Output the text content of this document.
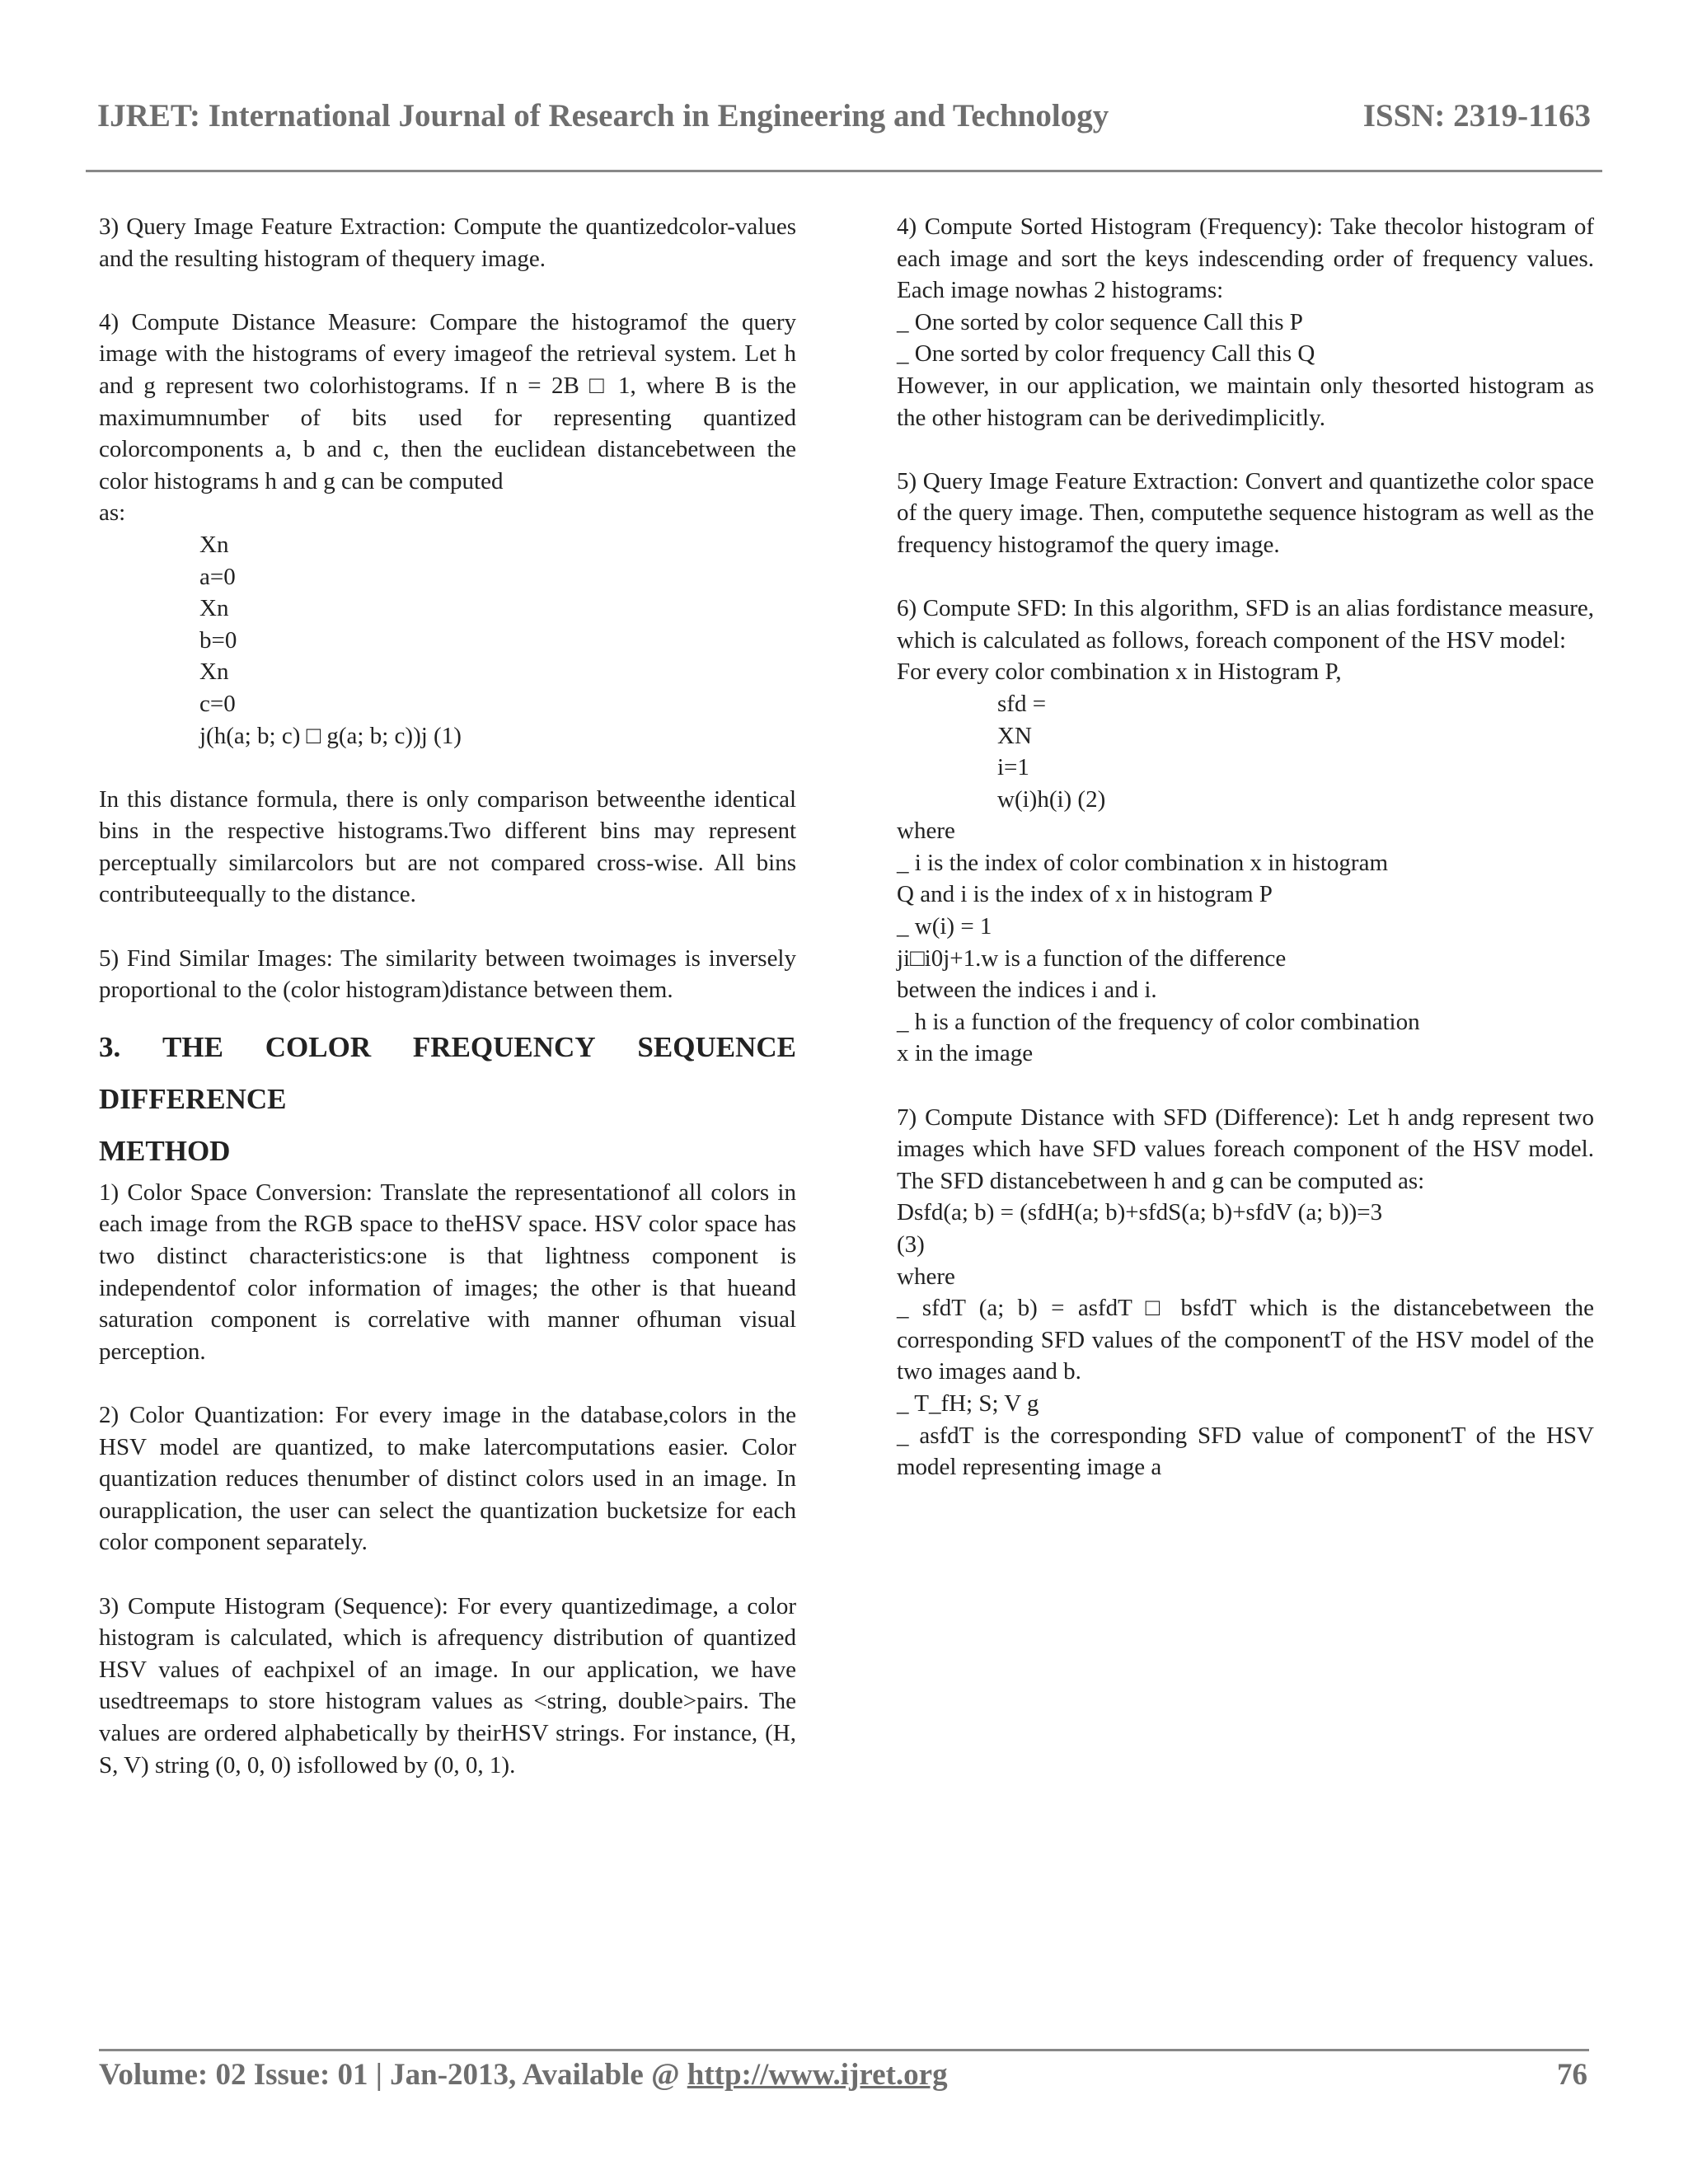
IJRET: International Journal of Research in Engineering and Technology	ISSN: 2319-1163

3) Query Image Feature Extraction: Compute the quantizedcolor-values and the resulting histogram of thequery image.

4) Compute Distance Measure: Compare the histogramof the query image with the histograms of every imageof the retrieval system. Let h and g represent two colorhistograms. If n = 2B □ 1, where B is the maximumnumber of bits used for representing quantized colorcomponents a, b and c, then the euclidean distancebetween the color histograms h and g can be computed
as:
Xn
a=0
Xn
b=0
Xn
c=0
j(h(a; b; c) □ g(a; b; c))j (1)

In this distance formula, there is only comparison betweenthe identical bins in the respective histograms.Two different bins may represent perceptually similarcolors but are not compared cross-wise. All bins contributeequally to the distance.

5) Find Similar Images: The similarity between twoimages is inversely proportional to the (color histogram)distance between them.

3. THE COLOR FREQUENCY SEQUENCE
DIFFERENCE
METHOD

1) Color Space Conversion: Translate the representationof all colors in each image from the RGB space to theHSV space. HSV color space has two distinct characteristics:one is that lightness component is independentof color information of images; the other is that hueand saturation component is correlative with manner ofhuman visual perception.

2) Color Quantization: For every image in the database,colors in the HSV model are quantized, to make latercomputations easier. Color quantization reduces thenumber of distinct colors used in an image. In ourapplication, the user can select the quantization bucketsize for each color component separately.

3) Compute Histogram (Sequence): For every quantizedimage, a color histogram is calculated, which is afrequency distribution of quantized HSV values of eachpixel of an image. In our application, we have usedtreemaps to store histogram values as <string, double>pairs. The values are ordered alphabetically by theirHSV strings. For instance, (H, S, V) string (0, 0, 0) isfollowed by (0, 0, 1).

4) Compute Sorted Histogram (Frequency): Take thecolor histogram of each image and sort the keys indescending order of frequency values. Each image nowhas 2 histograms:
_ One sorted by color sequence Call this P
_ One sorted by color frequency Call this Q
However, in our application, we maintain only thesorted histogram as the other histogram can be derivedimplicitly.

5) Query Image Feature Extraction: Convert and quantizethe color space of the query image. Then, computethe sequence histogram as well as the frequency histogramof the query image.

6) Compute SFD: In this algorithm, SFD is an alias fordistance measure, which is calculated as follows, foreach component of the HSV model:
For every color combination x in Histogram P,
sfd =
XN
i=1
w(i)h(i) (2)
where
_ i is the index of color combination x in histogram
Q and i is the index of x in histogram P
_ w(i) = 1
ji□i0j+1.w is a function of the difference
between the indices i and i.
_ h is a function of the frequency of color combination
x in the image

7) Compute Distance with SFD (Difference): Let h andg represent two images which have SFD values foreach component of the HSV model. The SFD distancebetween h and g can be computed as:
Dsfd(a; b) = (sfdH(a; b)+sfdS(a; b)+sfdV (a; b))=3
(3)
where
_ sfdT (a; b) = asfdT □ bsfdT which is the distancebetween the corresponding SFD values of the componentT of the HSV model of the two images aand b.
_ T_fH; S; V g
_ asfdT is the corresponding SFD value of componentT of the HSV model representing image a

Volume: 02 Issue: 01 | Jan-2013, Available @ http://www.ijret.org	76
